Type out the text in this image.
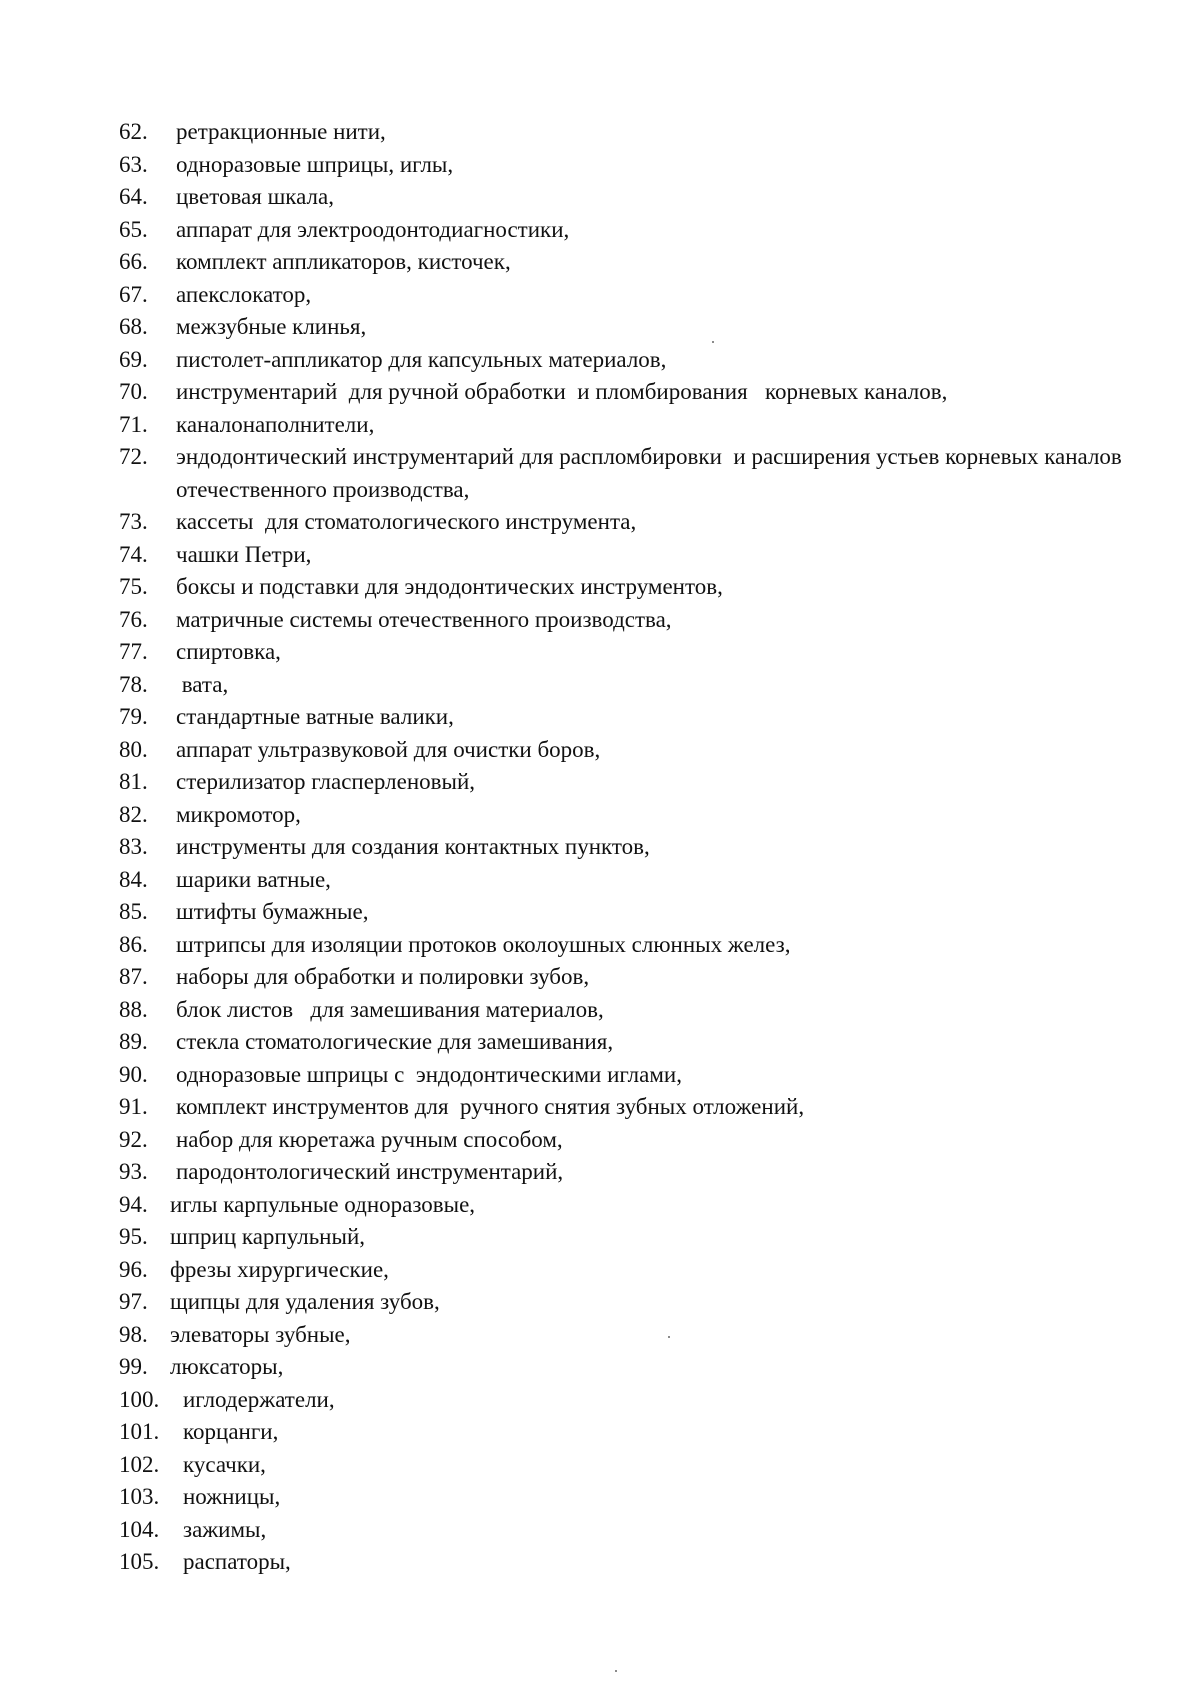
62.	ретракционные нити,
63.	одноразовые шприцы, иглы,
64.	цветовая шкала,
65.	аппарат для электроодонтодиагностики,
66.	комплект аппликаторов, кисточек,
67.	апекслокатор,
68.	межзубные клинья,
69.	пистолет-аппликатор для капсульных материалов,
70.	инструментарий  для ручной обработки  и пломбирования   корневых каналов,
71.	каналонаполнители,
72.	эндодонтический инструментарий для распломбировки  и расширения устьев корневых каналов отечественного производства,
73.	кассеты  для стоматологического инструмента,
74.	чашки Петри,
75.	боксы и подставки для эндодонтических инструментов,
76.	матричные системы отечественного производства,
77.	спиртовка,
78.	вата,
79.	стандартные ватные валики,
80.	аппарат ультразвуковой для очистки боров,
81.	стерилизатор гласперленовый,
82.	микромотор,
83.	инструменты для создания контактных пунктов,
84.	шарики ватные,
85.	штифты бумажные,
86.	штрипсы для изоляции протоков околоушных слюнных желез,
87.	наборы для обработки и полировки зубов,
88.	блок листов   для замешивания материалов,
89.	стекла стоматологические для замешивания,
90.	одноразовые шприцы с  эндодонтическими иглами,
91.	комплект инструментов для  ручного снятия зубных отложений,
92.	набор для кюретажа ручным способом,
93.	пародонтологический инструментарий,
94. иглы карпульные одноразовые,
95. шприц карпульный,
96. фрезы хирургические,
97. щипцы для удаления зубов,
98. элеваторы зубные,
99. люксаторы,
100.	иглодержатели,
101.	корцанги,
102.	кусачки,
103.	ножницы,
104.	зажимы,
105.	распаторы,
